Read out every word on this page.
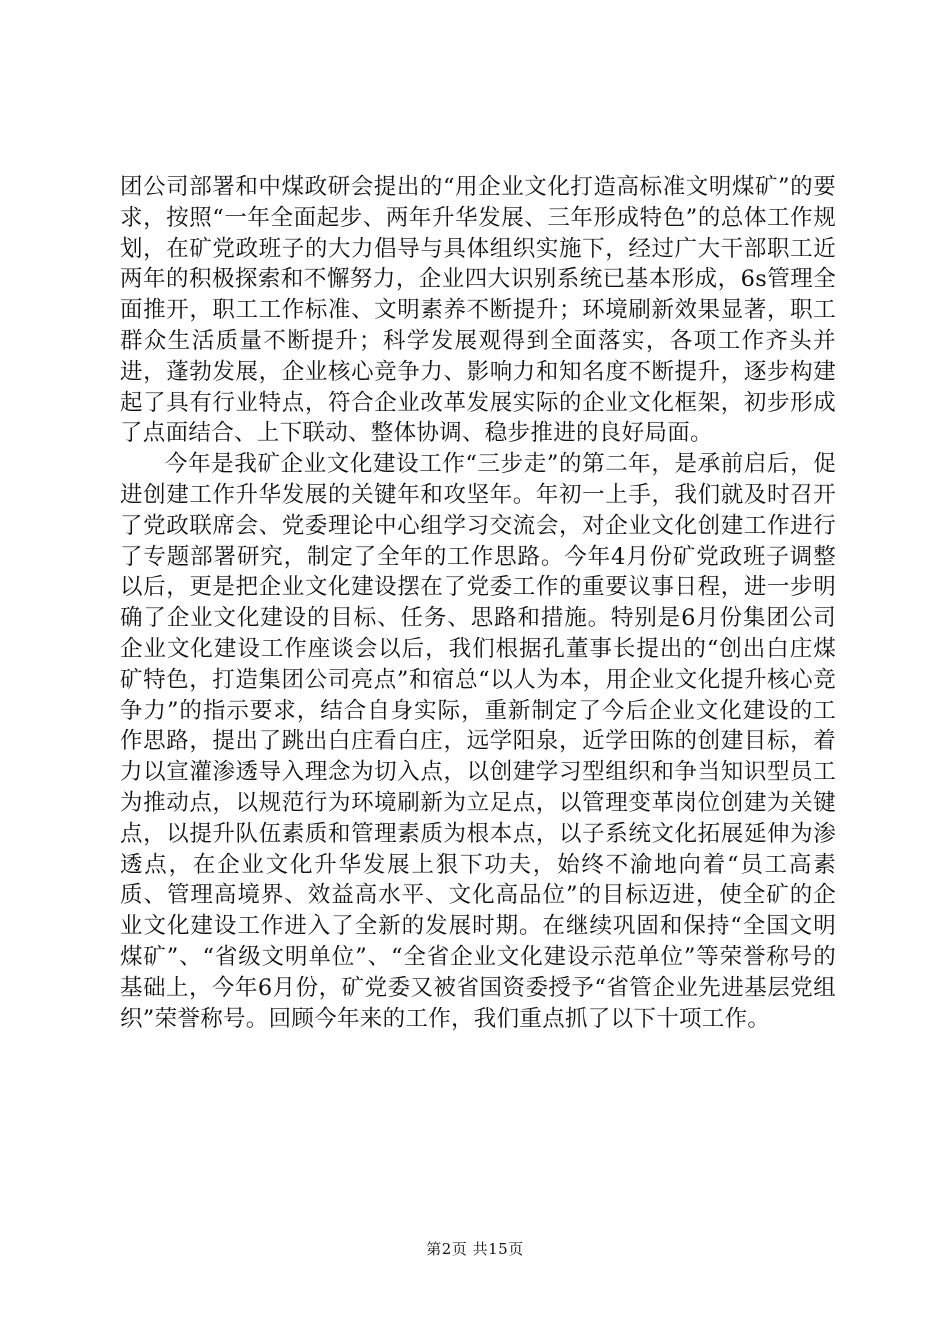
团公司部署和中煤政研会提出的“用企业文化打造高标准文明煤矿”的要求，按照“一年全面起步、两年升华发展、三年形成特色”的总体工作规划，在矿党政班子的大力倡导与具体组织实施下，经过广大干部职工近两年的积极探索和不懈努力，企业四大识别系统已基本形成，6s管理全面推开，职工工作标准、文明素养不断提升；环境刷新效果显著，职工群众生活质量不断提升；科学发展观得到全面落实，各项工作齐头并进，蓬勃发展，企业核心竞争力、影响力和知名度不断提升，逐步构建起了具有行业特点，符合企业改革发展实际的企业文化框架，初步形成了点面结合、上下联动、整体协调、稳步推进的良好局面。

今年是我矿企业文化建设工作“三步走”的第二年，是承前启后，促进创建工作升华发展的关键年和攻坚年。年初一上手，我们就及时召开了党政联席会、党委理论中心组学习交流会，对企业文化创建工作进行了专题部署研究，制定了全年的工作思路。今年4月份矿党政班子调整以后，更是把企业文化建设摆在了党委工作的重要议事日程，进一步明确了企业文化建设的目标、任务、思路和措施。特别是6月份集团公司企业文化建设工作座谈会以后，我们根据孔董事长提出的“创出白庄煤矿特色，打造集团公司亮点”和宿总“以人为本，用企业文化提升核心竞争力”的指示要求，结合自身实际，重新制定了今后企业文化建设的工作思路，提出了跳出白庄看白庄，远学阳泉，近学田陈的创建目标，着力以宣灌渗透导入理念为切入点，以创建学习型组织和争当知识型员工为推动点，以规范行为环境刷新为立足点，以管理变革岗位创建为关键点，以提升队伍素质和管理素质为根本点，以子系统文化拓展延伸为渗透点，在企业文化升华发展上狠下功夫，始终不渝地向着“员工高素质、管理高境界、效益高水平、文化高品位”的目标迈进，使全矿的企业文化建设工作进入了全新的发展时期。在继续巩固和保持“全国文明煤矿”、“省级文明单位”、“全省企业文化建设示范单位”等荣誉称号的基础上，今年6月份，矿党委又被省国资委授予“省管企业先进基层党组织”荣誉称号。回顾今年来的工作，我们重点抓了以下十项工作。

第2页 共15页
